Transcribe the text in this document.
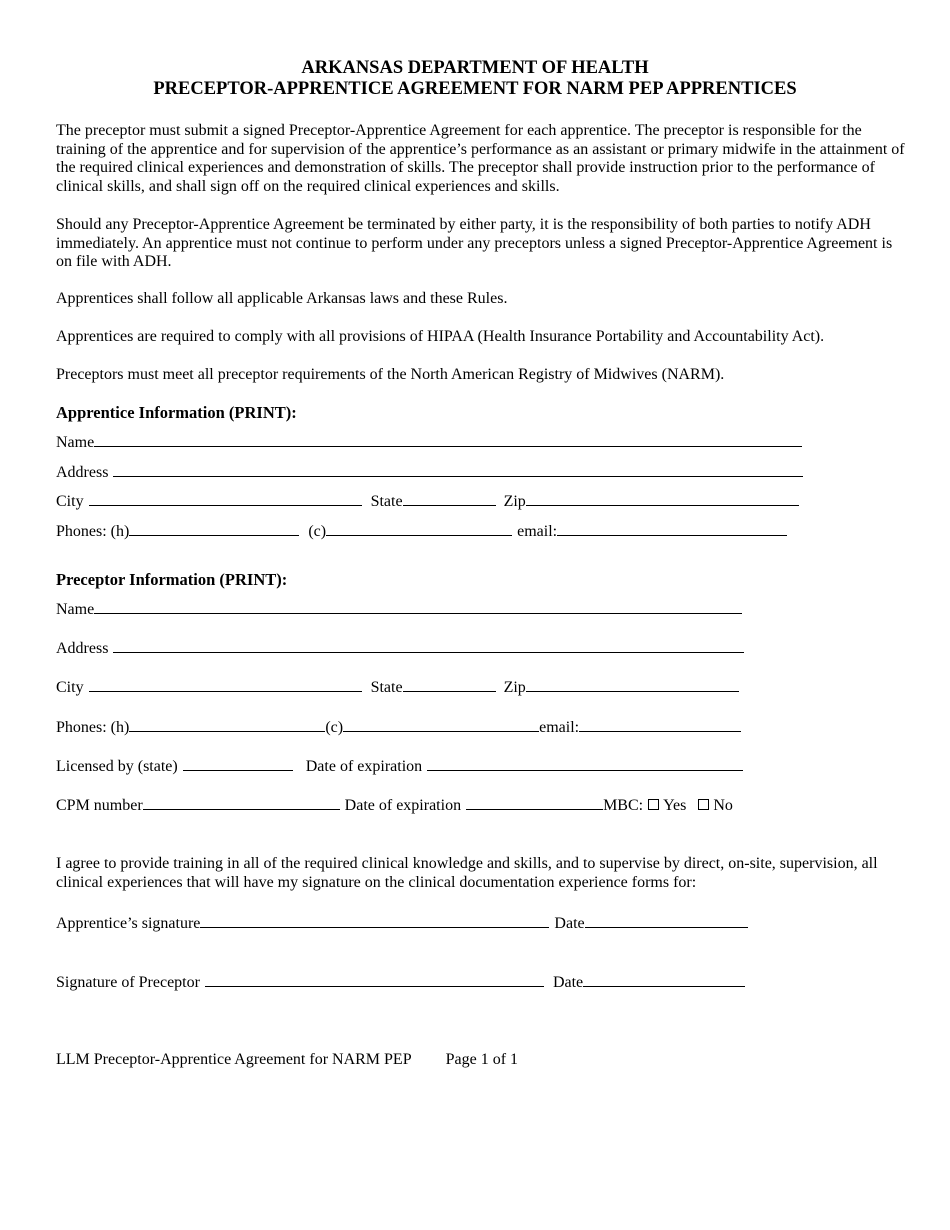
ARKANSAS DEPARTMENT OF HEALTH
PRECEPTOR-APPRENTICE AGREEMENT FOR NARM PEP APPRENTICES
The preceptor must submit a signed Preceptor-Apprentice Agreement for each apprentice. The preceptor is responsible for the training of the apprentice and for supervision of the apprentice’s performance as an assistant or primary midwife in the attainment of the required clinical experiences and demonstration of skills. The preceptor shall provide instruction prior to the performance of clinical skills, and shall sign off on the required clinical experiences and skills.
Should any Preceptor-Apprentice Agreement be terminated by either party, it is the responsibility of both parties to notify ADH immediately. An apprentice must not continue to perform under any preceptors unless a signed Preceptor-Apprentice Agreement is on file with ADH.
Apprentices shall follow all applicable Arkansas laws and these Rules.
Apprentices are required to comply with all provisions of HIPAA (Health Insurance Portability and Accountability Act).
Preceptors must meet all preceptor requirements of the North American Registry of Midwives (NARM).
Apprentice Information (PRINT):
Name
Address
City	State	Zip
Phones: (h)	(c)	email:
Preceptor Information (PRINT):
Name
Address
City	State	Zip
Phones: (h)	(c)	email:
Licensed by (state)	Date of expiration
CPM number	Date of expiration	MBC: Yes No
I agree to provide training in all of the required clinical knowledge and skills, and to supervise by direct, on-site, supervision, all clinical experiences that will have my signature on the clinical documentation experience forms for:
Apprentice’s signature	Date
Signature of Preceptor	Date
LLM Preceptor-Apprentice Agreement for NARM PEP Page 1 of 1
